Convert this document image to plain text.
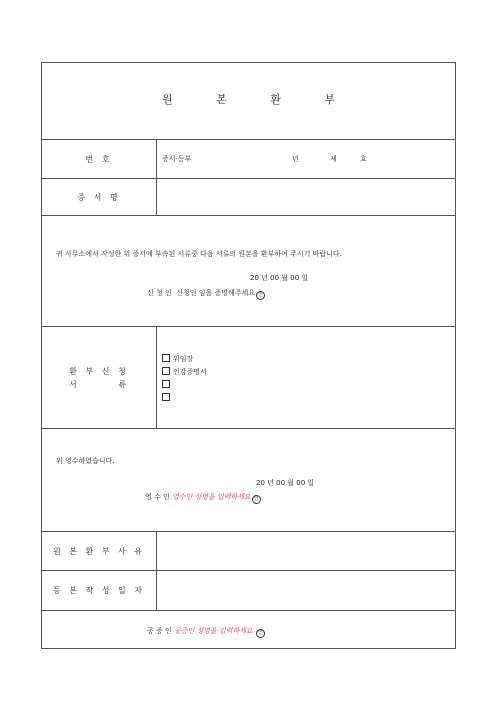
원 본 환 부
번 호	증서·등부	년	제	호
증 서 명
귀 사무소에서 작성한 위 증서에 부속된 서류중 다음 서류의 원본을 환부하여 주시기 바랍니다.
20 년 00 월 00 일
신 청 인 신청인 임을 증명해주세요 인
환 부 신 청
서       류
위임장
인감증명서
위 영수하였습니다.
20 년 00 월 00 일
영 수 인 영수인 성명을 입력하세요 인
원 본 환 부 사 유
등 본 작 성 일 자
공 증 인 공증인 성명을 입력하세요 인
